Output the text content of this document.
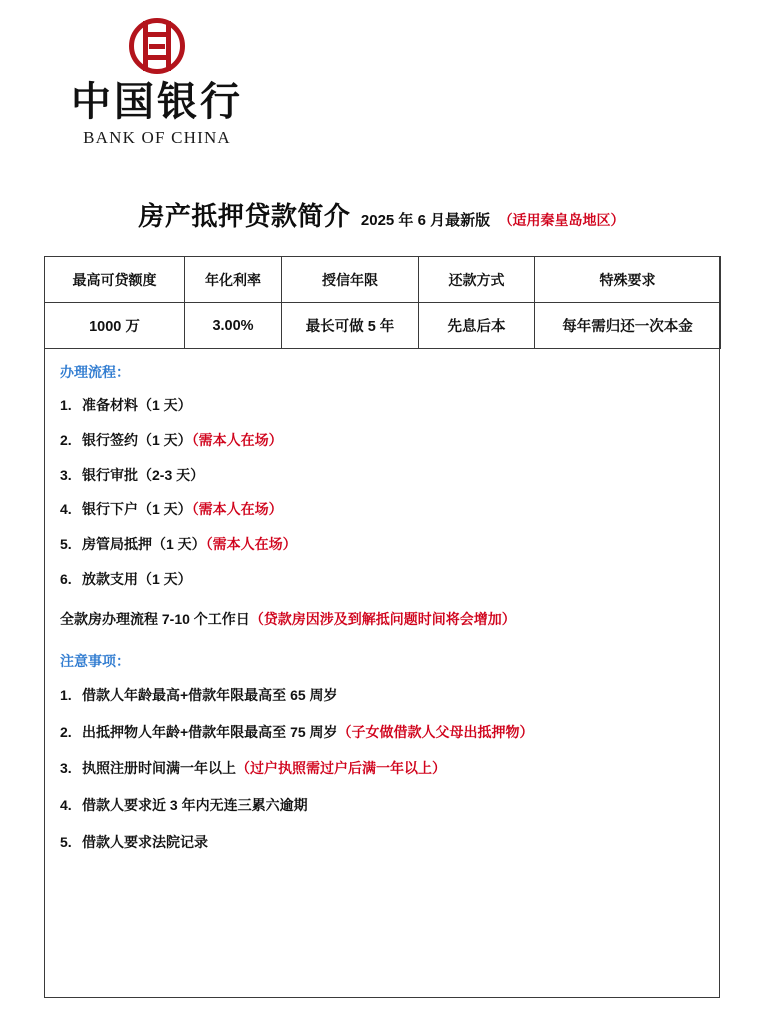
中国银行
BANK OF CHINA
房产抵押贷款简介 2025 年 6 月最新版 （适用秦皇岛地区）
最高可贷额度	年化利率	授信年限	还款方式	特殊要求
1000 万	3.00%	最长可做 5 年	先息后本	每年需归还一次本金
办理流程：
1. 准备材料（1 天）
2. 银行签约（1 天）（需本人在场）
3. 银行审批（2-3 天）
4. 银行下户（1 天）（需本人在场）
5. 房管局抵押（1 天）（需本人在场）
6. 放款支用（1 天）
全款房办理流程 7-10 个工作日（贷款房因涉及到解抵问题时间将会增加）
注意事项：
1. 借款人年龄最高+借款年限最高至 65 周岁
2. 出抵押物人年龄+借款年限最高至 75 周岁（子女做借款人父母出抵押物）
3. 执照注册时间满一年以上（过户执照需过户后满一年以上）
4. 借款人要求近 3 年内无连三累六逾期
5. 借款人要求法院记录
